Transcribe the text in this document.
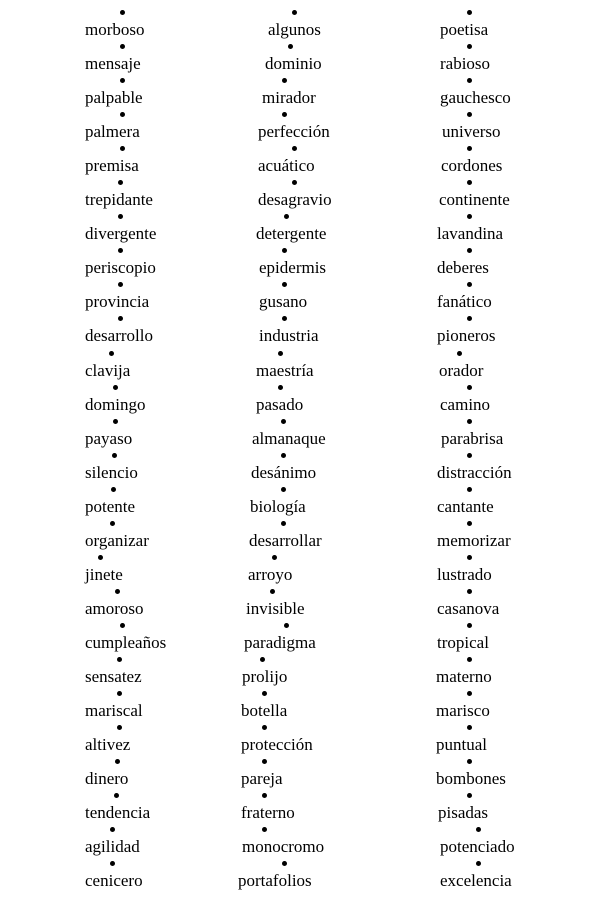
morboso
mensaje
palpable
palmera
premisa
trepidante
divergente
periscopio
provincia
desarrollo
clavija
domingo
payaso
silencio
potente
organizar
jinete
amoroso
cumpleaños
sensatez
mariscal
altivez
dinero
tendencia
agilidad
cenicero
algunos
dominio
mirador
perfección
acuático
desagravio
detergente
epidermis
gusano
industria
maestría
pasado
almanaque
desánimo
biología
desarrollar
arroyo
invisible
paradigma
prolijo
botella
protección
pareja
fraterno
monocromo
portafolios
poetisa
rabioso
gauchesco
universo
cordones
continente
lavandina
deberes
fanático
pioneros
orador
camino
parabrisa
distracción
cantante
memorizar
lustrado
casanova
tropical
materno
marisco
puntual
bombones
pisadas
potenciado
excelencia
